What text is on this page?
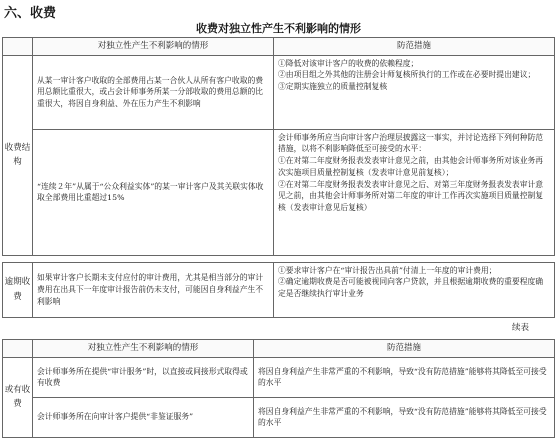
六、收费
收费对独立性产生不利影响的情形
	对独立性产生不利影响的情形	防范措施
收费结构	从某一审计客户收取的全部费用占某一合伙人从所有客户收取的费用总额比重很大，或占会计师事务所某一分部收取的费用总额的比重很大，将因自身利益、外在压力产生不利影响	①降低对该审计客户的收费的依赖程度；
②由项目组之外其他的注册会计师复核所执行的工作或在必要时提出建议；
③定期实施独立的质量控制复核

	“连续２年”从属于“公众利益实体”的某一审计客户及其关联实体收取全部费用比重超过15%	会计师事务所应当向审计客户治理层披露这一事实，并讨论选择下列何种防范措施，以将不利影响降低至可接受的水平：
①在对第二年度财务报表发表审计意见之前，由其他会计师事务所对该业务再次实施项目质量控制复核（发表审计意见前复核）；
②在对第二年度财务报表发表审计意见之后、对第三年度财务报表发表审计意见之前，由其他会计师事务所对第二年度的审计工作再次实施项目质量控制复核（发表审计意见后复核）

逾期收费	如果审计客户长期未支付应付的审计费用，尤其是相当部分的审计费用在出具下一年度审计报告前仍未支付，可能因自身利益产生不利影响	①要求审计客户在“审计报告出具前”付清上一年度的审计费用；
②确定逾期收费是否可能被视同向客户贷款，并且根据逾期收费的重要程度确定是否继续执行审计业务
续表
	对独立性产生不利影响的情形	防范措施
或有收费	会计师事务所在提供“审计服务”时，以直接或间接形式取得或有收费	将因自身利益产生非常严重的不利影响，导致“没有防范措施”能够将其降低至可接受的水平
	会计师事务所在向审计客户提供“非鉴证服务”	将因自身利益产生非常严重的不利影响，导致“没有防范措施”能够将其降低至可接受的水平
